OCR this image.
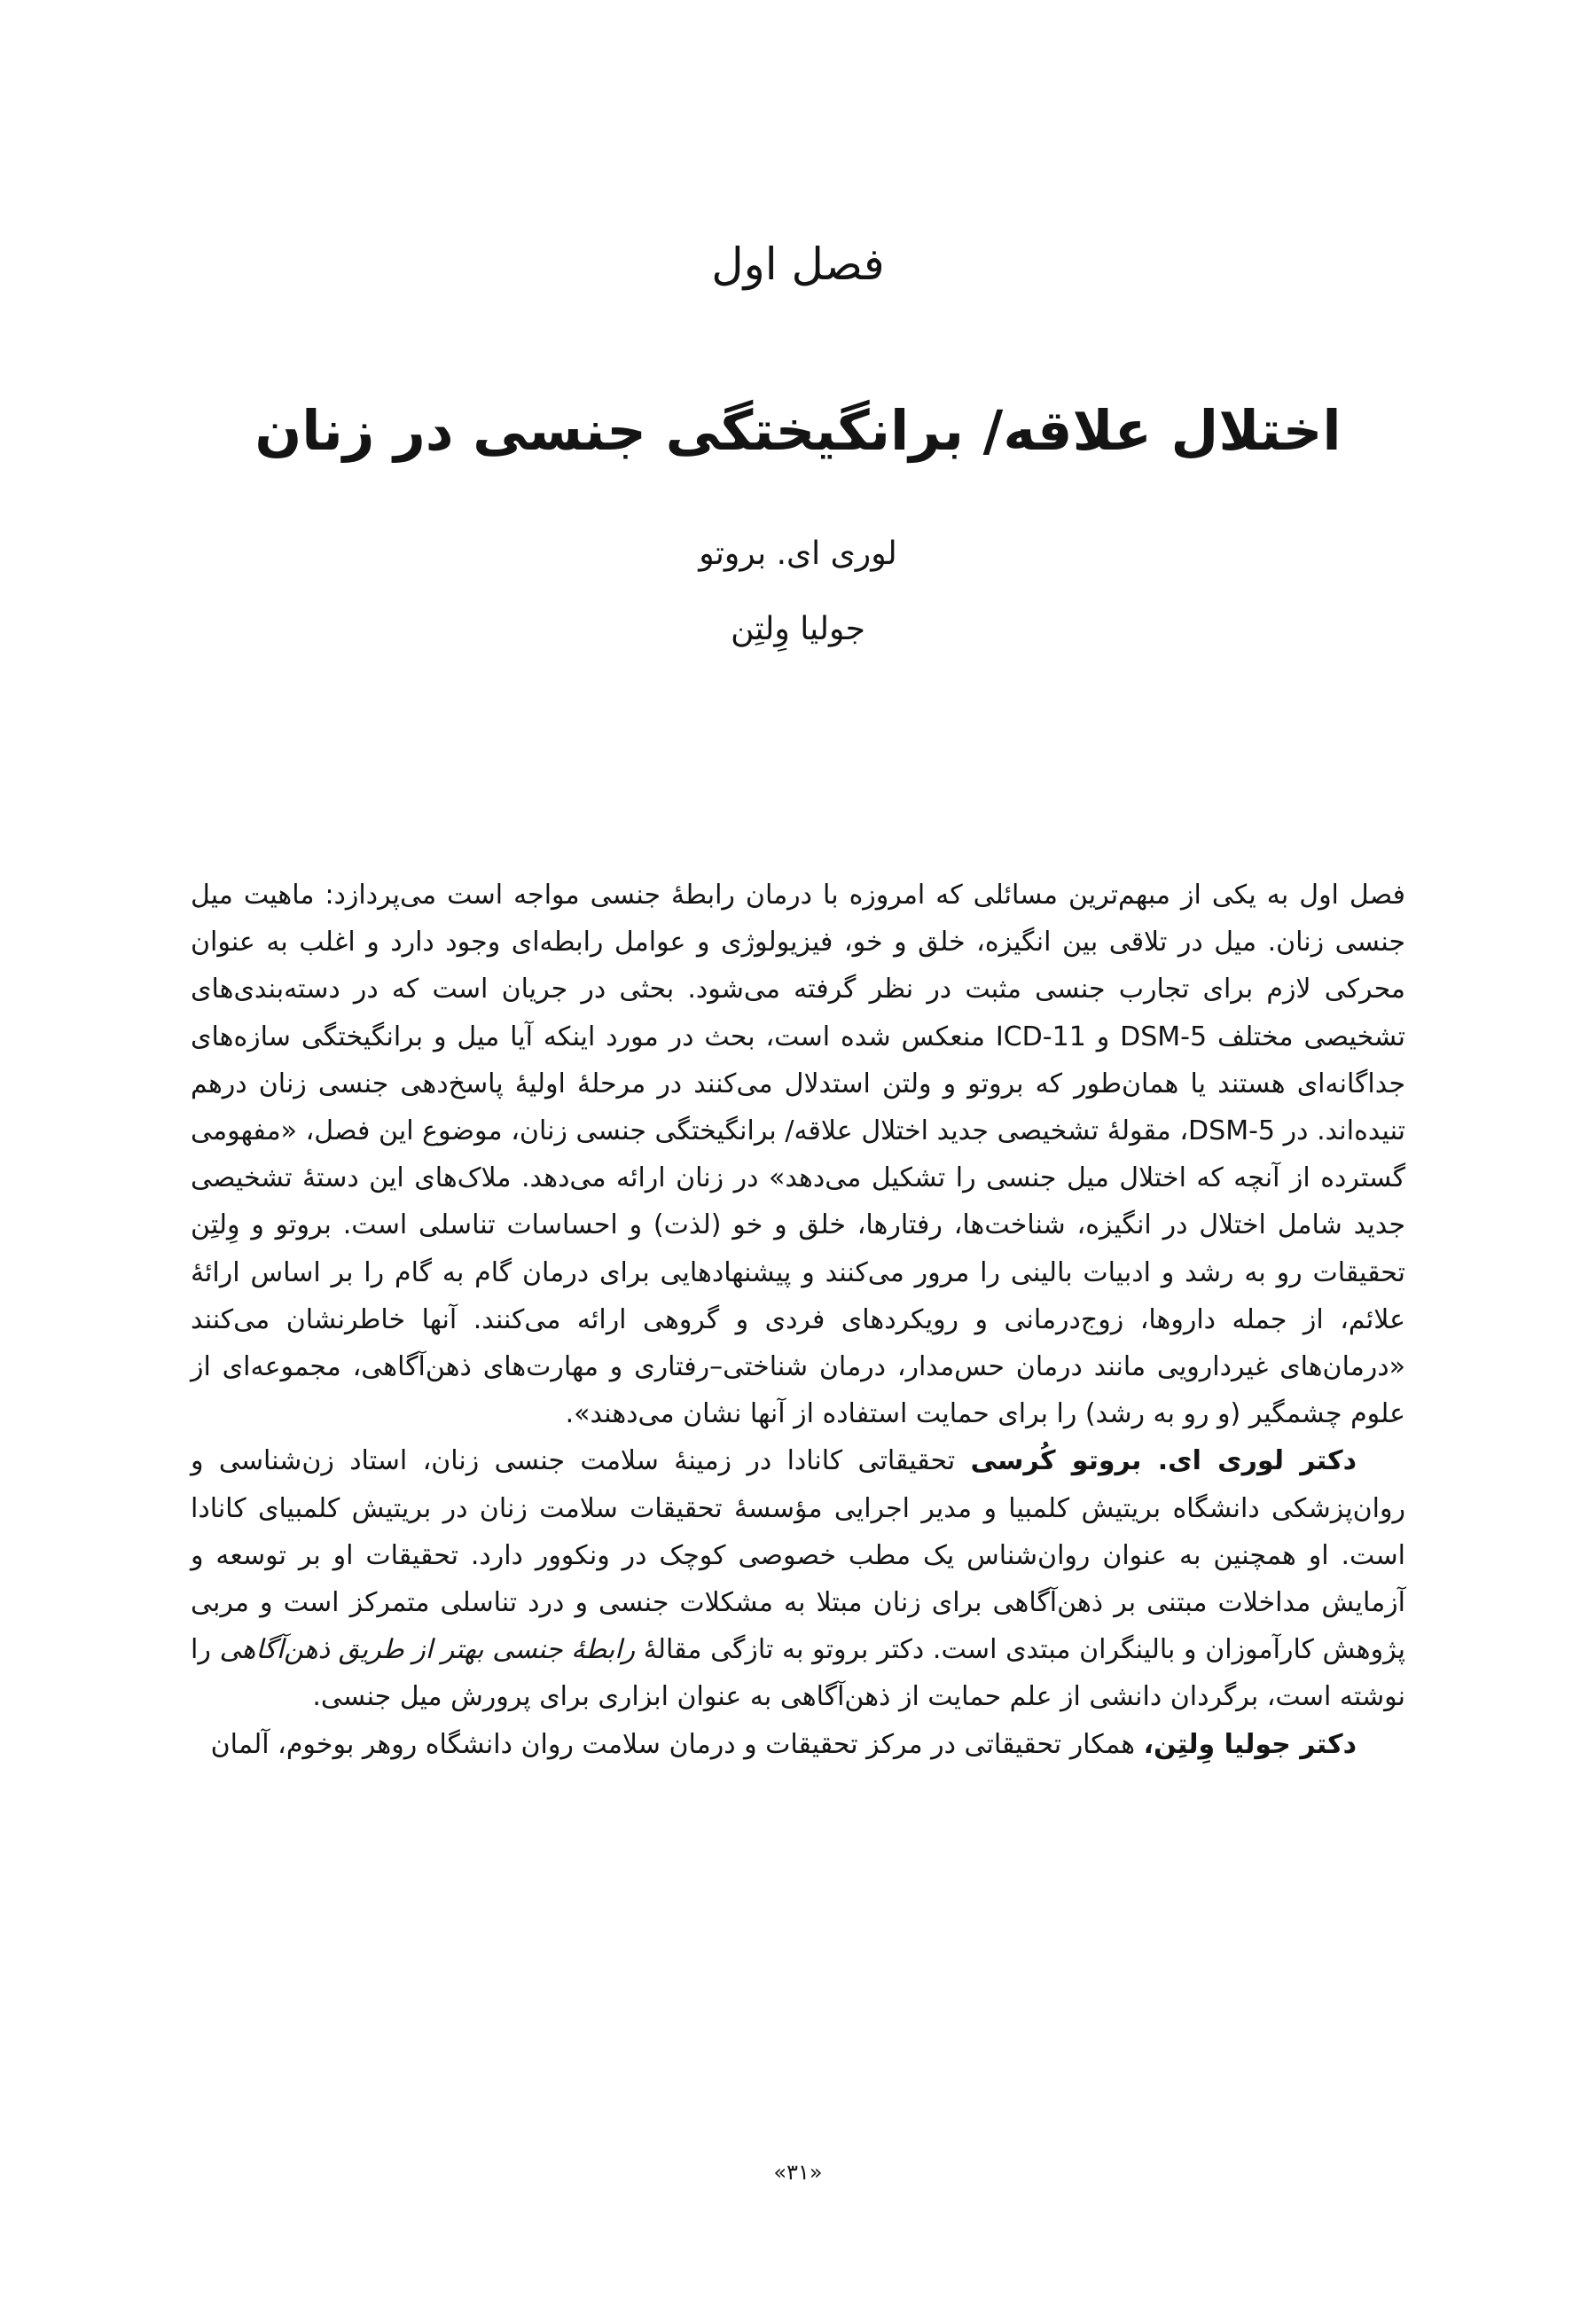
فصل اول
اختلال علاقه/ برانگیختگی جنسی در زنان
لوری ای. بروتو
جولیا وِلتِن

فصل اول به یکی از مبهم‌ترین مسائلی که امروزه با درمان رابطۀ جنسی مواجه است می‌پردازد: ماهیت میل جنسی زنان. میل در تلاقی بین انگیزه، خلق و خو، فیزیولوژی و عوامل رابطه‌ای وجود دارد و اغلب به عنوان محرکی لازم برای تجارب جنسی مثبت در نظر گرفته می‌شود. بحثی در جریان است که در دسته‌بندی‌های تشخیصی مختلف DSM-5 و ICD-11 منعکس شده است، بحث در مورد اینکه آیا میل و برانگیختگی سازه‌های جداگانه‌ای هستند یا همان‌طور که بروتو و ولتن استدلال می‌کنند در مرحلۀ اولیۀ پاسخ‌دهی جنسی زنان درهم تنیده‌اند. در DSM-5، مقولۀ تشخیصی جدید اختلال علاقه/ برانگیختگی جنسی زنان، موضوع این فصل، «مفهومی گسترده از آنچه که اختلال میل جنسی را تشکیل می‌دهد» در زنان ارائه می‌دهد. ملاک‌های این دستۀ تشخیصی جدید شامل اختلال در انگیزه، شناخت‌ها، رفتارها، خلق و خو (لذت) و احساسات تناسلی است. بروتو و وِلتِن تحقیقات رو به رشد و ادبیات بالینی را مرور می‌کنند و پیشنهادهایی برای درمان گام به گام را بر اساس ارائۀ علائم، از جمله داروها، زوج‌درمانی و رویکردهای فردی و گروهی ارائه می‌کنند. آنها خاطرنشان می‌کنند «درمان‌های غیردارویی مانند درمان حس‌مدار، درمان شناختی–رفتاری و مهارت‌های ذهن‌آگاهی، مجموعه‌ای از علوم چشمگیر (و رو به رشد) را برای حمایت استفاده از آنها نشان می‌دهند».

دکتر لوری ای. بروتو کُرسی تحقیقاتی کانادا در زمینۀ سلامت جنسی زنان، استاد زن‌شناسی و روان‌پزشکی دانشگاه بریتیش کلمبیا و مدیر اجرایی مؤسسۀ تحقیقات سلامت زنان در بریتیش کلمبیای کانادا است. او همچنین به عنوان روان‌شناس یک مطب خصوصی کوچک در ونکوور دارد. تحقیقات او بر توسعه و آزمایش مداخلات مبتنی بر ذهن‌آگاهی برای زنان مبتلا به مشکلات جنسی و درد تناسلی متمرکز است و مربی پژوهش کارآموزان و بالینگران مبتدی است. دکتر بروتو به تازگی مقالۀ رابطۀ جنسی بهتر از طریق ذهن‌آگاهی را نوشته است، برگردان دانشی از علم حمایت از ذهن‌آگاهی به عنوان ابزاری برای پرورش میل جنسی.

دکتر جولیا وِلتِن، همکار تحقیقاتی در مرکز تحقیقات و درمان سلامت روان دانشگاه روهر بوخوم، آلمان

«۳۱»
